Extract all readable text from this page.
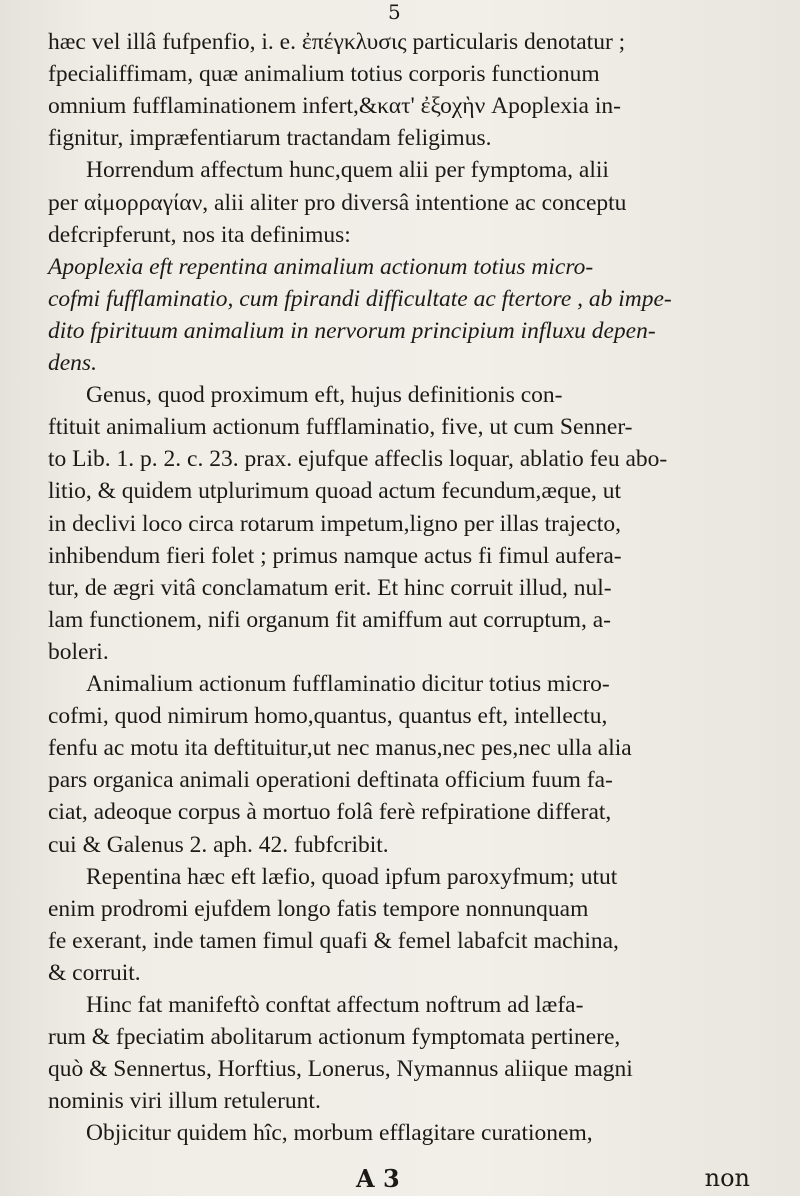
5
hæc vel illâ fufpenfio, i. e. ἐπέγκλυσις particularis denotatur ;
fpecialiffimam, quæ animalium totius corporis functionum
omnium fufflaminationem infert,&κατ' ἐξοχὴν Apoplexia in-
fignitur, impræfentiarum tractandam feligimus.
Horrendum affectum hunc,quem alii per fymptoma, alii
per αἰμορραγίαν, alii aliter pro diversâ intentione ac conceptu
defcripferunt, nos ita definimus:
Apoplexia eft repentina animalium actionum totius micro-
cofmi fufflaminatio, cum fpirandi difficultate ac ftertore , ab impe-
dito fpirituum animalium in nervorum principium influxu depen-
dens.
Genus, quod proximum eft, hujus definitionis con-
ftituit animalium actionum fufflaminatio, five, ut cum Senner-
to Lib. 1. p. 2. c. 23. prax. ejufque affeclis loquar, ablatio feu abo-
litio, & quidem utplurimum quoad actum fecundum,æque, ut
in declivi loco circa rotarum impetum,ligno per illas trajecto,
inhibendum fieri folet ; primus namque actus fi fimul aufera-
tur, de ægri vitâ conclamatum erit. Et hinc corruit illud, nul-
lam functionem, nifi organum fit amiffum aut corruptum, a-
boleri.
Animalium actionum fufflaminatio dicitur totius micro-
cofmi, quod nimirum homo,quantus, quantus eft, intellectu,
fenfu ac motu ita deftituitur,ut nec manus,nec pes,nec ulla alia
pars organica animali operationi deftinata officium fuum fa-
ciat, adeoque corpus à mortuo folâ ferè refpiratione differat,
cui & Galenus 2. aph. 42. fubfcribit.
Repentina hæc eft læfio, quoad ipfum paroxyfmum; utut
enim prodromi ejufdem longo fatis tempore nonnunquam
fe exerant, inde tamen fimul quafi & femel labafcit machina,
& corruit.
Hinc fat manifeftò conftat affectum noftrum ad læfa-
rum & fpeciatim abolitarum actionum fymptomata pertinere,
quò & Sennertus, Horftius, Lonerus, Nymannus aliique magni
nominis viri illum retulerunt.
Objicitur quidem hîc, morbum efflagitare curationem,
A 3	non
